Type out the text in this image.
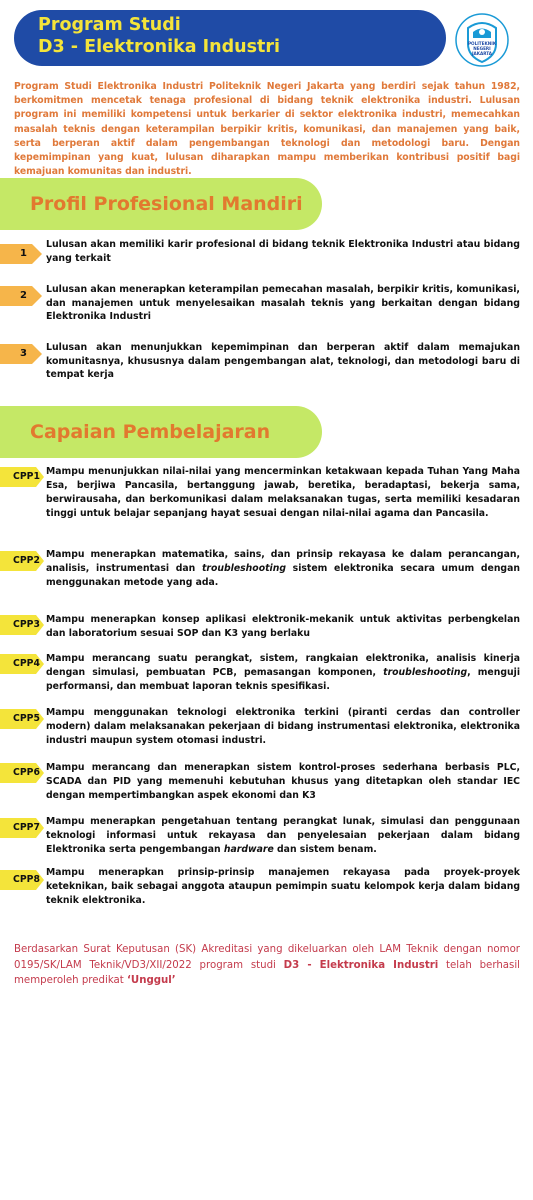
Program Studi
D3 - Elektronika Industri	POLITEKNIK
NEGERI
JAKARTA

Program Studi Elektronika Industri Politeknik Negeri Jakarta yang berdiri sejak tahun 1982, berkomitmen mencetak tenaga profesional di bidang teknik elektronika industri. Lulusan program ini memiliki kompetensi untuk berkarier di sektor elektronika industri, memecahkan masalah teknis dengan keterampilan berpikir kritis, komunikasi, dan manajemen yang baik, serta berperan aktif dalam pengembangan teknologi dan metodologi baru. Dengan kepemimpinan yang kuat, lulusan diharapkan mampu memberikan kontribusi positif bagi kemajuan komunitas dan industri.

Profil Profesional Mandiri
1
Lulusan akan memiliki karir profesional di bidang teknik Elektronika Industri atau bidang yang terkait
2
Lulusan akan menerapkan keterampilan pemecahan masalah, berpikir kritis, komunikasi, dan manajemen untuk menyelesaikan masalah teknis yang berkaitan dengan bidang Elektronika Industri
3
Lulusan akan menunjukkan kepemimpinan dan berperan aktif dalam memajukan komunitasnya, khususnya dalam pengembangan alat, teknologi, dan metodologi baru di tempat kerja
Capaian Pembelajaran
CPP1 Mampu menunjukkan nilai-nilai yang mencerminkan ketakwaan kepada Tuhan Yang Maha Esa, berjiwa Pancasila, bertanggung jawab, beretika, beradaptasi, bekerja sama, berwirausaha, dan berkomunikasi dalam melaksanakan tugas, serta memiliki kesadaran tinggi untuk belajar sepanjang hayat sesuai dengan nilai-nilai agama dan Pancasila.
CPP2
Mampu menerapkan matematika, sains, dan prinsip rekayasa ke dalam perancangan, analisis, instrumentasi dan troubleshooting sistem elektronika secara umum dengan menggunakan metode yang ada.
CPP3 Mampu menerapkan konsep aplikasi elektronik-mekanik untuk aktivitas perbengkelan dan laboratorium sesuai SOP dan K3 yang berlaku
CPP4 Mampu merancang suatu perangkat, sistem, rangkaian elektronika, analisis kinerja dengan simulasi, pembuatan PCB, pemasangan komponen, troubleshooting, menguji performansi, dan membuat laporan teknis spesifikasi.
CPP5
Mampu menggunakan teknologi elektronika terkini (piranti cerdas dan controller modern) dalam melaksanakan pekerjaan di bidang instrumentasi elektronika, elektronika industri maupun system otomasi industri.
CPP6 Mampu merancang dan menerapkan sistem kontrol-proses sederhana berbasis PLC, SCADA dan PID yang memenuhi kebutuhan khusus yang ditetapkan oleh standar IEC dengan mempertimbangkan aspek ekonomi dan K3
CPP7
Mampu menerapkan pengetahuan tentang perangkat lunak, simulasi dan penggunaan teknologi informasi untuk rekayasa dan penyelesaian pekerjaan dalam bidang Elektronika serta pengembangan hardware dan sistem benam.
CPP8
Mampu menerapkan prinsip-prinsip manajemen rekayasa pada proyek-proyek keteknikan, baik sebagai anggota ataupun pemimpin suatu kelompok kerja dalam bidang teknik elektronika.

Berdasarkan Surat Keputusan (SK) Akreditasi yang dikeluarkan oleh LAM Teknik dengan nomor 0195/SK/LAM Teknik/VD3/XII/2022 program studi D3 - Elektronika Industri telah berhasil memperoleh predikat ‘Unggul’
